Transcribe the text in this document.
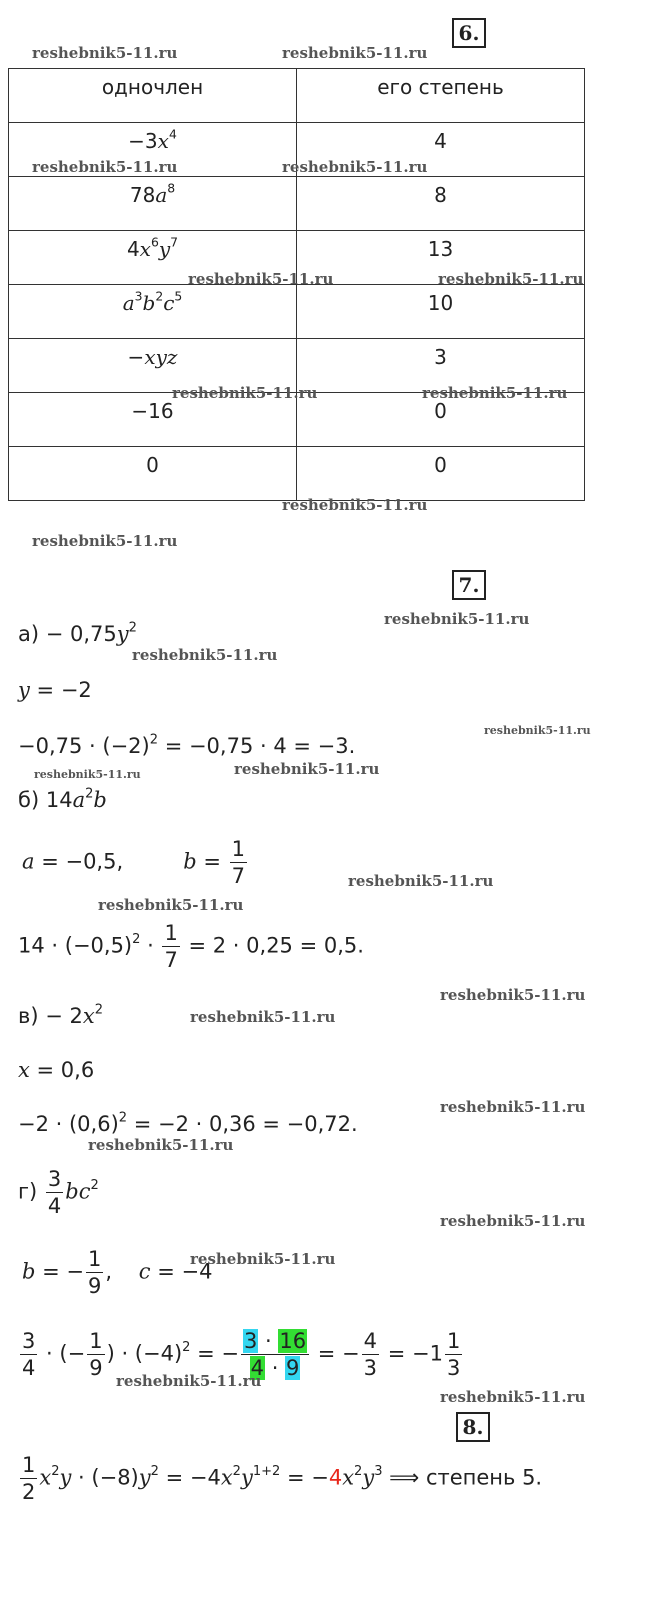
6.
одночлен	его степень
$-3x^4$	4
$78a^8$	8
$4x^6y^7$	13
$a^3b^2c^5$	10
−xyz	3
−16	0
0	0
7.
$а) - 0,75y^2$
y = −2
$-0,75 \cdot (-2)^2 = -0,75 \cdot 4 = -3$.
б) $14a^2b$
a = −0,5,         $b = \frac{1}{7}$
$14 \cdot (-0,5)^2 \cdot \frac{1}{7} = 2 \cdot 0,25 = 0,5$.
$в) - 2x^2$
x = 0,6
$-2 \cdot (0,6)^2 = -2 \cdot 0,36 = -0,72$.
$г) \frac{3}{4} bc^2$
b = − $\frac{1}{9}$ ,    c = −4
$\frac{3}{4}$ · (− $\frac{1}{9}$ ) · $(-4)^2$ = − $\frac{3 \cdot 16}{4 \cdot 9}$ = − $\frac{4}{3} = -1 \frac{1}{3}$
8.
$\frac{1}{2} x^2y \cdot (-8)y^2 = -4x^2y^{1+2} = -4x^2y^3$ ⟹ степень 5.
reshebnik5-11.ru	reshebnik5-11.ru
reshebnik5-11.ru	reshebnik5-11.ru
reshebnik5-11.ru	reshebnik5-11.ru
reshebnik5-11.ru	reshebnik5-11.ru
reshebnik5-11.ru
reshebnik5-11.ru
reshebnik5-11.ru
reshebnik5-11.ru
reshebnik5-11.ru
reshebnik5-11.ru
reshebnik5-11.ru
reshebnik5-11.ru
reshebnik5-11.ru
reshebnik5-11.ru
reshebnik5-11.ru
reshebnik5-11.ru
reshebnik5-11.ru
reshebnik5-11.ru
reshebnik5-11.ru
reshebnik5-11.ru
reshebnik5-11.ru
